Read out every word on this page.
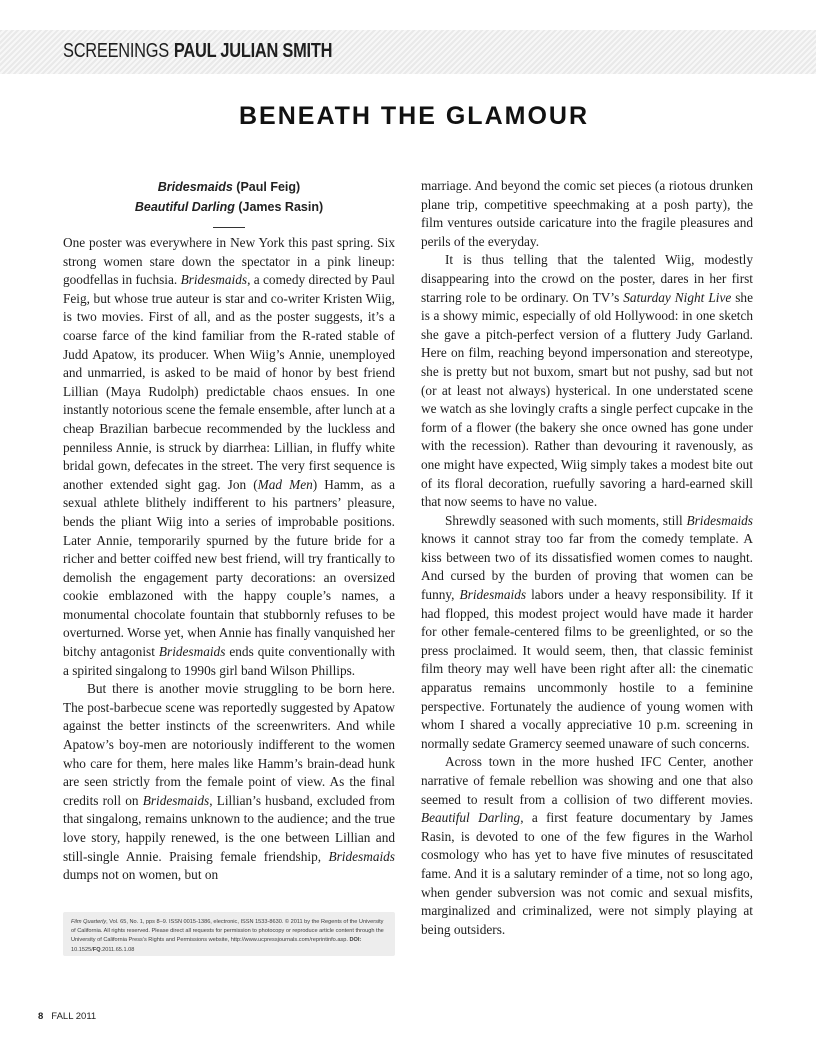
SCREENINGS PAUL JULIAN SMITH
BENEATH THE GLAMOUR
Bridesmaids (Paul Feig)
Beautiful Darling (James Rasin)

One poster was everywhere in New York this past spring. Six strong women stare down the spectator in a pink lineup: goodfellas in fuchsia. Bridesmaids, a comedy directed by Paul Feig, but whose true auteur is star and co-writer Kristen Wiig, is two movies. First of all, and as the poster suggests, it’s a coarse farce of the kind familiar from the R-rated stable of Judd Apatow, its producer. When Wiig’s Annie, unemployed and unmarried, is asked to be maid of honor by best friend Lillian (Maya Rudolph) predictable chaos ensues. In one instantly notorious scene the female ensemble, after lunch at a cheap Brazilian barbecue recommended by the luckless and penniless Annie, is struck by diarrhea: Lillian, in fluffy white bridal gown, defecates in the street. The very first sequence is another extended sight gag. Jon (Mad Men) Hamm, as a sexual athlete blithely indifferent to his partners’ pleasure, bends the pliant Wiig into a series of improbable positions. Later Annie, temporarily spurned by the future bride for a richer and better coiffed new best friend, will try frantically to demolish the engagement party decorations: an oversized cookie emblazoned with the happy couple’s names, a monumental chocolate fountain that stubbornly refuses to be overturned. Worse yet, when Annie has finally vanquished her bitchy antagonist Bridesmaids ends quite conventionally with a spirited singalong to 1990s girl band Wilson Phillips.

But there is another movie struggling to be born here. The post-barbecue scene was reportedly suggested by Apatow against the better instincts of the screenwriters. And while Apatow’s boy-men are notoriously indifferent to the women who care for them, here males like Hamm’s brain-dead hunk are seen strictly from the female point of view. As the final credits roll on Bridesmaids, Lillian’s husband, excluded from that singalong, remains unknown to the audience; and the true love story, happily renewed, is the one between Lillian and still-single Annie. Praising female friendship, Bridesmaids dumps not on women, but on

marriage. And beyond the comic set pieces (a riotous drunken plane trip, competitive speechmaking at a posh party), the film ventures outside caricature into the fragile pleasures and perils of the everyday.

It is thus telling that the talented Wiig, modestly disappearing into the crowd on the poster, dares in her first starring role to be ordinary. On TV’s Saturday Night Live she is a showy mimic, especially of old Hollywood: in one sketch she gave a pitch-perfect version of a fluttery Judy Garland. Here on film, reaching beyond impersonation and stereotype, she is pretty but not buxom, smart but not pushy, sad but not (or at least not always) hysterical. In one understated scene we watch as she lovingly crafts a single perfect cupcake in the form of a flower (the bakery she once owned has gone under with the recession). Rather than devouring it ravenously, as one might have expected, Wiig simply takes a modest bite out of its floral decoration, ruefully savoring a hard-earned skill that now seems to have no value.

Shrewdly seasoned with such moments, still Bridesmaids knows it cannot stray too far from the comedy template. A kiss between two of its dissatisfied women comes to naught. And cursed by the burden of proving that women can be funny, Bridesmaids labors under a heavy responsibility. If it had flopped, this modest project would have made it harder for other female-centered films to be greenlighted, or so the press proclaimed. It would seem, then, that classic feminist film theory may well have been right after all: the cinematic apparatus remains uncommonly hostile to a feminine perspective. Fortunately the audience of young women with whom I shared a vocally appreciative 10 p.m. screening in normally sedate Gramercy seemed unaware of such concerns.

Across town in the more hushed IFC Center, another narrative of female rebellion was showing and one that also seemed to result from a collision of two different movies. Beautiful Darling, a first feature documentary by James Rasin, is devoted to one of the few figures in the Warhol cosmology who has yet to have five minutes of resuscitated fame. And it is a salutary reminder of a time, not so long ago, when gender subversion was not comic and sexual misfits, marginalized and criminalized, were not simply playing at being outsiders.

Film Quarterly, Vol. 65, No. 1, pps 8–9. ISSN 0015-1386, electronic, ISSN 1533-8630. © 2011 by the Regents of the University of California. All rights reserved. Please direct all requests for permission to photocopy or reproduce article content through the University of California Press’s Rights and Permissions website, http://www.ucpressjournals.com/reprintinfo.asp. DOI: 10.1525/FQ.2011.65.1.08
8 FALL 2011
